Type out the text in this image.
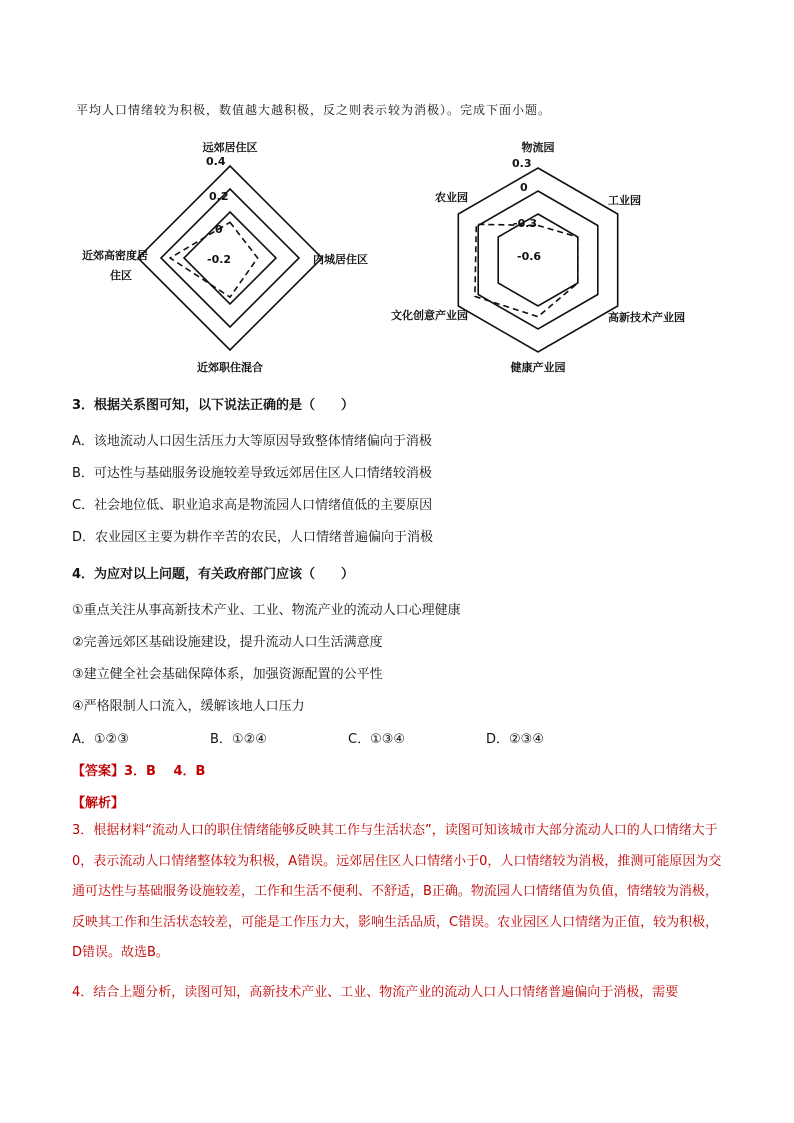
平均人口情绪较为积极，数值越大越积极，反之则表示较为消极）。完成下面小题。
远郊居住区
内城居住区
近郊职住混合
近郊高密度居
住区
0.4
0.2
0
-0.2
物流园
工业园
高新技术产业园
健康产业园
文化创意产业园
农业园
0.3
0
-0.3
-0.6
3．根据关系图可知，以下说法正确的是（　　）
A．该地流动人口因生活压力大等原因导致整体情绪偏向于消极
B．可达性与基础服务设施较差导致远郊居住区人口情绪较消极
C．社会地位低、职业追求高是物流园人口情绪值低的主要原因
D．农业园区主要为耕作辛苦的农民，人口情绪普遍偏向于消极
4．为应对以上问题，有关政府部门应该（　　）
①重点关注从事高新技术产业、工业、物流产业的流动人口心理健康
②完善远郊区基础设施建设，提升流动人口生活满意度
③建立健全社会基础保障体系，加强资源配置的公平性
④严格限制人口流入，缓解该地人口压力
A．①②③	B．①②④	C．①③④	D．②③④
【答案】3．B　 4．B
【解析】
3．根据材料“流动人口的职住情绪能够反映其工作与生活状态”，读图可知该城市大部分流动人口的人口情绪大于0，表示流动人口情绪整体较为积极，A错误。远郊居住区人口情绪小于0，人口情绪较为消极，推测可能原因为交通可达性与基础服务设施较差，工作和生活不便利、不舒适，B正确。物流园人口情绪值为负值，情绪较为消极，反映其工作和生活状态较差，可能是工作压力大，影响生活品质，C错误。农业园区人口情绪为正值，较为积极，D错误。故选B。
4．结合上题分析，读图可知，高新技术产业、工业、物流产业的流动人口人口情绪普遍偏向于消极，需要
